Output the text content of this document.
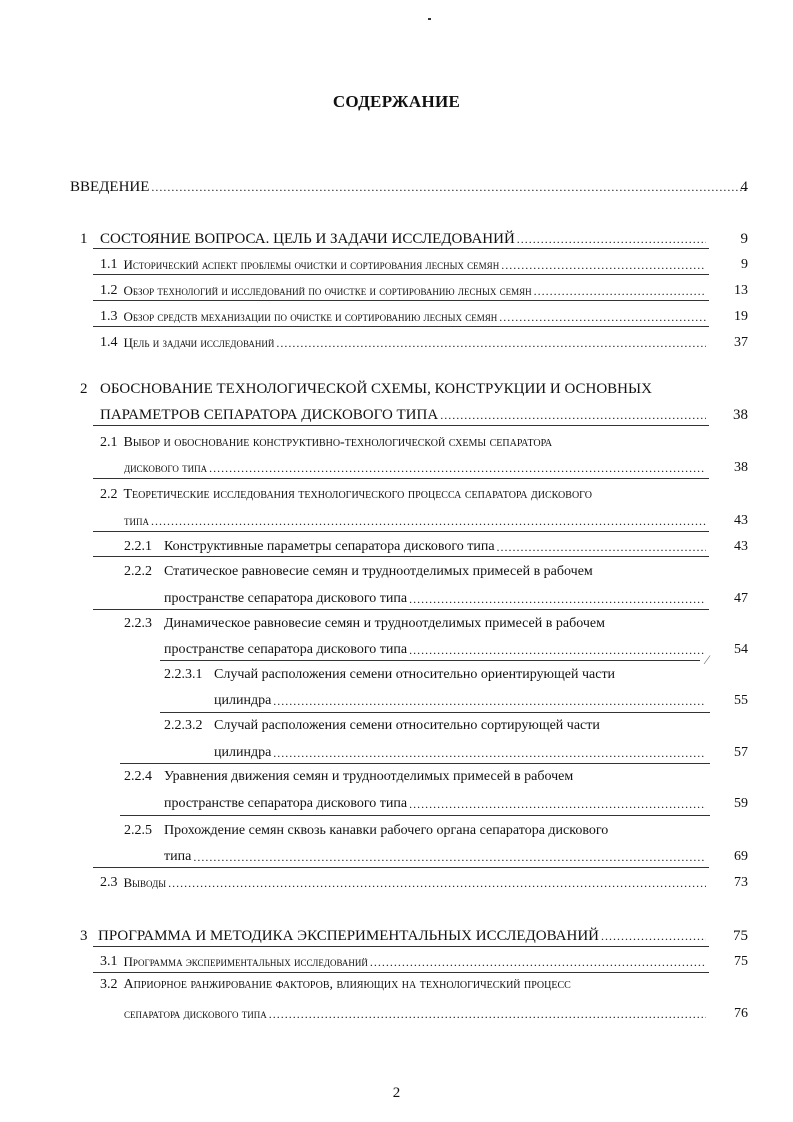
СОДЕРЖАНИЕ
ВВЕДЕНИЕ .....	4
1 СОСТОЯНИЕ ВОПРОСА. ЦЕЛЬ И ЗАДАЧИ ИССЛЕДОВАНИЙ .....	9
1.1 Исторический аспект проблемы очистки и сортирования лесных семян .....	9
1.2 Обзор технологий и исследований по очистке и сортированию лесных семян .....	13
1.3 Обзор средств механизации по очистке и сортированию лесных семян .....	19
1.4 Цель и задачи исследований .....	37
2 ОБОСНОВАНИЕ ТЕХНОЛОГИЧЕСКОЙ СХЕМЫ, КОНСТРУКЦИИ И ОСНОВНЫХ
ПАРАМЕТРОВ СЕПАРАТОРА ДИСКОВОГО ТИПА .....	38
2.1 Выбор и обоснование конструктивно-технологической схемы сепаратора
дискового типа .....	38
2.2 Теоретические исследования технологического процесса сепаратора дискового
типа .....	43
2.2.1 Конструктивные параметры сепаратора дискового типа .....	43
2.2.2 Статическое равновесие семян и трудноотделимых примесей в рабочем
пространстве сепаратора дискового типа .....	47
2.2.3 Динамическое равновесие семян и трудноотделимых примесей в рабочем
пространстве сепаратора дискового типа .....	54
⁄
2.2.3.1 Случай расположения семени относительно ориентирующей части
цилиндра .....	55
2.2.3.2 Случай расположения семени относительно сортирующей части
цилиндра .....	57
2.2.4 Уравнения движения семян и трудноотделимых примесей в рабочем
пространстве сепаратора дискового типа .....	59
2.2.5 Прохождение семян сквозь канавки рабочего органа сепаратора дискового
типа .....	69
2.3 Выводы .....	73
3 ПРОГРАММА И МЕТОДИКА ЭКСПЕРИМЕНТАЛЬНЫХ ИССЛЕДОВАНИЙ .....	75
3.1 Программа экспериментальных исследований .....	75
3.2 Априорное ранжирование факторов, влияющих на технологический процесс
сепаратора дискового типа .....	76
2
